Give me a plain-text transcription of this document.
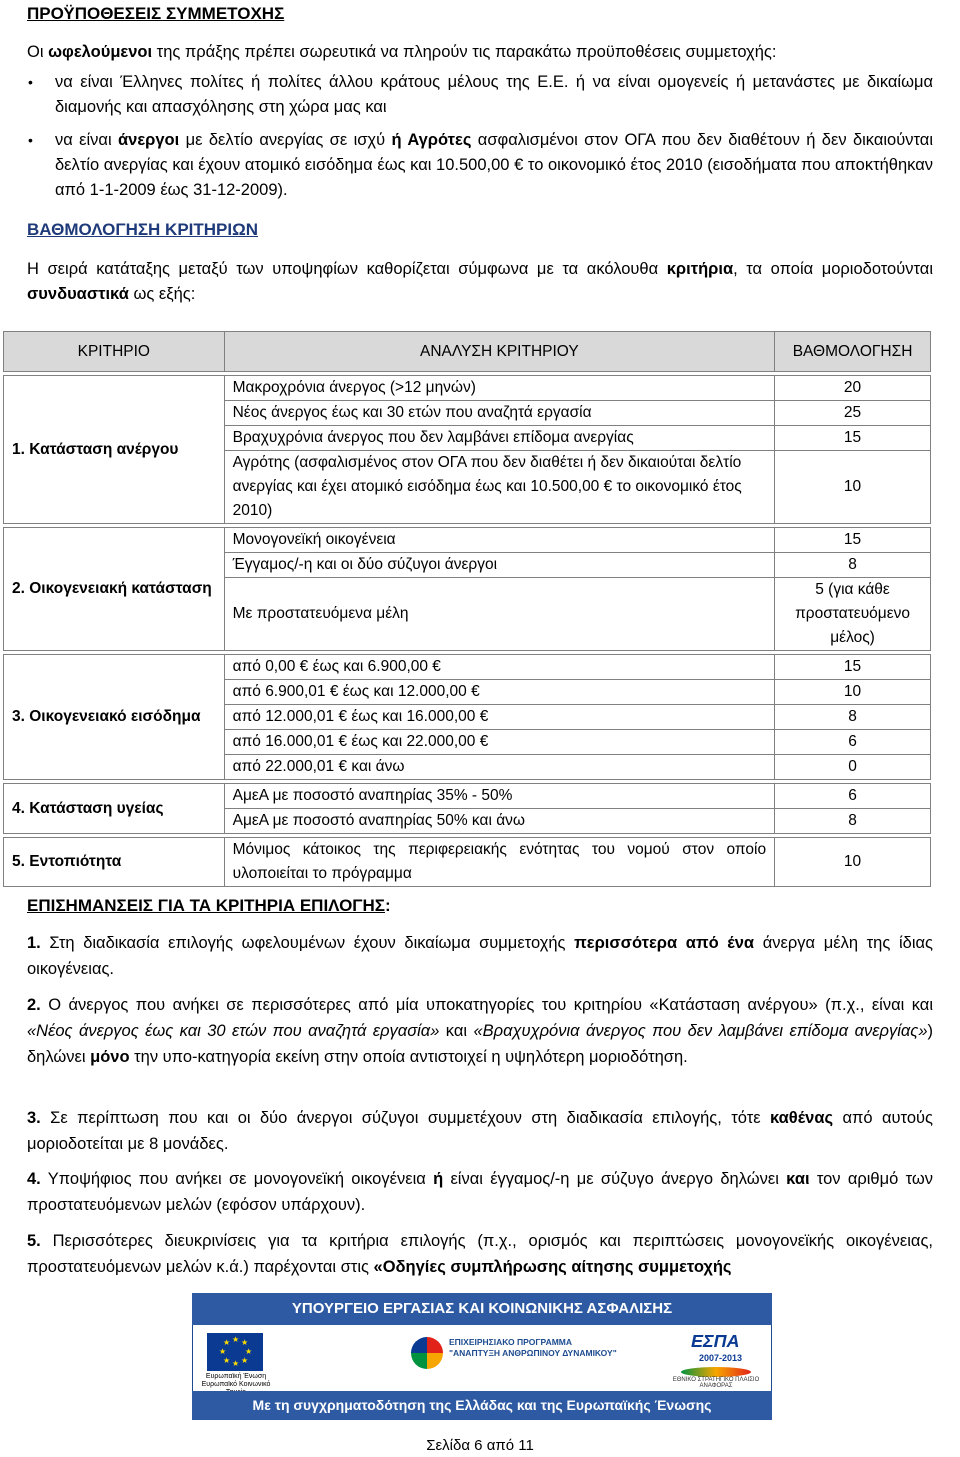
ΠΡΟΫΠΟΘΕΣΕΙΣ ΣΥΜΜΕΤΟΧΗΣ
Οι ωφελούμενοι της πράξης πρέπει σωρευτικά να πληρούν τις παρακάτω προϋποθέσεις συμμετοχής:
• να είναι Έλληνες πολίτες ή πολίτες άλλου κράτους μέλους της Ε.Ε. ή να είναι ομογενείς ή μετανάστες με δικαίωμα διαμονής και απασχόλησης στη χώρα μας και
• να είναι άνεργοι με δελτίο ανεργίας σε ισχύ ή Αγρότες ασφαλισμένοι στον ΟΓΑ που δεν διαθέτουν ή δεν δικαιούνται δελτίο ανεργίας και έχουν ατομικό εισόδημα έως και 10.500,00 € το οικονομικό έτος 2010 (εισοδήματα που αποκτήθηκαν από 1-1-2009 έως 31-12-2009).
ΒΑΘΜΟΛΟΓΗΣΗ ΚΡΙΤΗΡΙΩΝ
Η σειρά κατάταξης μεταξύ των υποψηφίων καθορίζεται σύμφωνα με τα ακόλουθα κριτήρια, τα οποία μοριοδοτούνται συνδυαστικά ως εξής:
ΚΡΙΤΗΡΙΟ	ΑΝΑΛΥΣΗ ΚΡΙΤΗΡΙΟΥ	ΒΑΘΜΟΛΟΓΗΣΗ

1. Κατάσταση ανέργου	Μακροχρόνια άνεργος (>12 μηνών)	20
	Νέος άνεργος έως και 30 ετών που αναζητά εργασία	25
	Βραχυχρόνια άνεργος που δεν λαμβάνει επίδομα ανεργίας	15
	Αγρότης (ασφαλισμένος στον ΟΓΑ που δεν διαθέτει ή δεν δικαιούται δελτίο ανεργίας και έχει ατομικό εισόδημα έως και 10.500,00 € το οικονομικό έτος 2010)	10

2. Οικογενειακή κατάσταση	Μονογονεϊκή οικογένεια	15
	Έγγαμος/-η και οι δύο σύζυγοι άνεργοι	8
	Με προστατευόμενα μέλη	5 (για κάθε προστατευόμενο μέλος)

3. Οικογενειακό εισόδημα	από 0,00 € έως και 6.900,00 €	15
	από 6.900,01 € έως και 12.000,00 €	10
	από 12.000,01 € έως και 16.000,00 €	8
	από 16.000,01 € έως και 22.000,00 €	6
	από 22.000,01 € και άνω	0

4. Κατάσταση υγείας	ΑμεΑ με ποσοστό αναπηρίας 35% - 50%	6
	ΑμεΑ με ποσοστό αναπηρίας 50% και άνω	8

5. Εντοπιότητα	Μόνιμος κάτοικος της περιφερειακής ενότητας του νομού στον οποίο υλοποιείται το πρόγραμμα	10
ΕΠΙΣΗΜΑΝΣΕΙΣ ΓΙΑ ΤΑ ΚΡΙΤΗΡΙΑ ΕΠΙΛΟΓΗΣ:
1. Στη διαδικασία επιλογής ωφελουμένων έχουν δικαίωμα συμμετοχής περισσότερα από ένα άνεργα μέλη της ίδιας οικογένειας.
2. Ο άνεργος που ανήκει σε περισσότερες από μία υποκατηγορίες του κριτηρίου «Κατάσταση ανέργου» (π.χ., είναι και «Νέος άνεργος έως και 30 ετών που αναζητά εργασία» και «Βραχυχρόνια άνεργος που δεν λαμβάνει επίδομα ανεργίας») δηλώνει μόνο την υπο-κατηγορία εκείνη στην οποία αντιστοιχεί η υψηλότερη μοριοδότηση.
3. Σε περίπτωση που και οι δύο άνεργοι σύζυγοι συμμετέχουν στη διαδικασία επιλογής, τότε καθένας από αυτούς μοριοδοτείται με 8 μονάδες.
4. Υποψήφιος που ανήκει σε μονογονεϊκή οικογένεια ή είναι έγγαμος/-η με σύζυγο άνεργο δηλώνει και τον αριθμό των προστατευόμενων μελών (εφόσον υπάρχουν).
5. Περισσότερες διευκρινίσεις για τα κριτήρια επιλογής (π.χ., ορισμός και περιπτώσεις μονογονεϊκής οικογένειας, προστατευόμενων μελών κ.ά.) παρέχονται στις «Οδηγίες συμπλήρωσης αίτησης συμμετοχής
ΥΠΟΥΡΓΕΙΟ ΕΡΓΑΣΙΑΣ ΚΑΙ ΚΟΙΝΩΝΙΚΗΣ ΑΣΦΑΛΙΣΗΣ
★ ★
★
★
★
★
★
★
Ευρωπαϊκή Ένωση Ευρωπαϊκό Κοινωνικό
ΕΠΙΧΕΙΡΗΣΙΑΚΟ ΠΡΟΓΡΑΜΜΑ
"ΑΝΑΠΤΥΞΗ ΑΝΘΡΩΠΙΝΟΥ ΔΥΝΑΜΙΚΟΥ"
ΕΣΠΑ
2007-2013
ΕΘΝΙΚΟ ΣΤΡΑΤΗΓΙΚΟ ΠΛΑΙΣΙΟ ΑΝΑΦΟΡΑΣ
Με τη συγχρηματοδότηση της Ελλάδας και της Ευρωπαϊκής Ένωσης
Σελίδα 6 από 11
